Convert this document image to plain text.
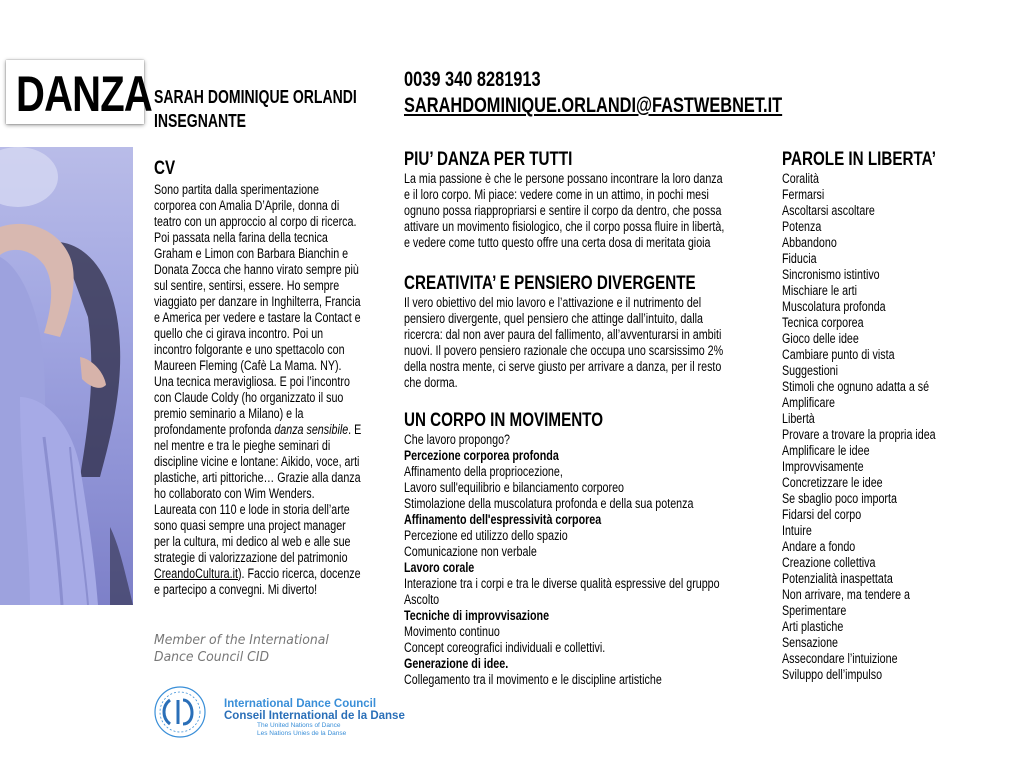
DANZA SARAH DOMINIQUE ORLANDI
INSEGNANTE
0039 340 8281913
SARAHDOMINIQUE.ORLANDI@FASTWEBNET.IT
CV
Sono partita dalla sperimentazione
corporea con Amalia D’Aprile, donna di
teatro con un approccio al corpo di ricerca.
Poi passata nella farina della tecnica
Graham e Limon con Barbara Bianchin e
Donata Zocca che hanno virato sempre più
sul sentire, sentirsi, essere. Ho sempre
viaggiato per danzare in Inghilterra, Francia
e America per vedere e tastare la Contact e
quello che ci girava incontro. Poi un
incontro folgorante e uno spettacolo con
Maureen Fleming (Cafè La Mama. NY).
Una tecnica meravigliosa. E poi l’incontro
con Claude Coldy (ho organizzato il suo
premio seminario a Milano) e la
profondamente profonda danza sensibile. E
nel mentre e tra le pieghe seminari di
discipline vicine e lontane: Aikido, voce, arti
plastiche, arti pittoriche… Grazie alla danza
ho collaborato con Wim Wenders.
Laureata con 110 e lode in storia dell’arte
sono quasi sempre una project manager
per la cultura, mi dedico al web e alle sue
strategie di valorizzazione del patrimonio
CreandoCultura.it). Faccio ricerca, docenze
e partecipo a convegni. Mi diverto!
Member of the International
Dance Council CID
International Dance Council
Conseil International de la Danse
The United Nations of Dance
Les Nations Unies de la Danse
PIU’ DANZA PER TUTTI
La mia passione è che le persone possano incontrare la loro danza
e il loro corpo. Mi piace: vedere come in un attimo, in pochi mesi
ognuno possa riappropriarsi e sentire il corpo da dentro, che possa
attivare un movimento fisiologico, che il corpo possa fluire in libertà,
e vedere come tutto questo offre una certa dosa di meritata gioia
CREATIVITA’ E PENSIERO DIVERGENTE
Il vero obiettivo del mio lavoro e l’attivazione e il nutrimento del
pensiero divergente, quel pensiero che attinge dall’intuito, dalla
ricercra: dal non aver paura del fallimento, all’avventurarsi in ambiti
nuovi. Il povero pensiero razionale che occupa uno scarsissimo 2%
della nostra mente, ci serve giusto per arrivare a danza, per il resto
che dorma.
UN CORPO IN MOVIMENTO
Che lavoro propongo?
Percezione corporea profonda
Affinamento della propriocezione,
Lavoro sull'equilibrio e bilanciamento corporeo
Stimolazione della muscolatura profonda e della sua potenza
Affinamento dell'espressività corporea
Percezione ed utilizzo dello spazio
Comunicazione non verbale
Lavoro corale
Interazione tra i corpi e tra le diverse qualità espressive del gruppo
Ascolto
Tecniche di improvvisazione
Movimento continuo
Concept coreografici individuali e collettivi.
Generazione di idee.
Collegamento tra il movimento e le discipline artistiche
PAROLE IN LIBERTA’
Coralità
Fermarsi
Ascoltarsi ascoltare
Potenza
Abbandono
Fiducia
Sincronismo istintivo
Mischiare le arti
Muscolatura profonda
Tecnica corporea
Gioco delle idee
Cambiare punto di vista
Suggestioni
Stimoli che ognuno adatta a sé
Amplificare
Libertà
Provare a trovare la propria idea
Amplificare le idee
Improvvisamente
Concretizzare le idee
Se sbaglio poco importa
Fidarsi del corpo
Intuire
Andare a fondo
Creazione collettiva
Potenzialità inaspettata
Non arrivare, ma tendere a
Sperimentare
Arti plastiche
Sensazione
Assecondare l’intuizione
Sviluppo dell’impulso
